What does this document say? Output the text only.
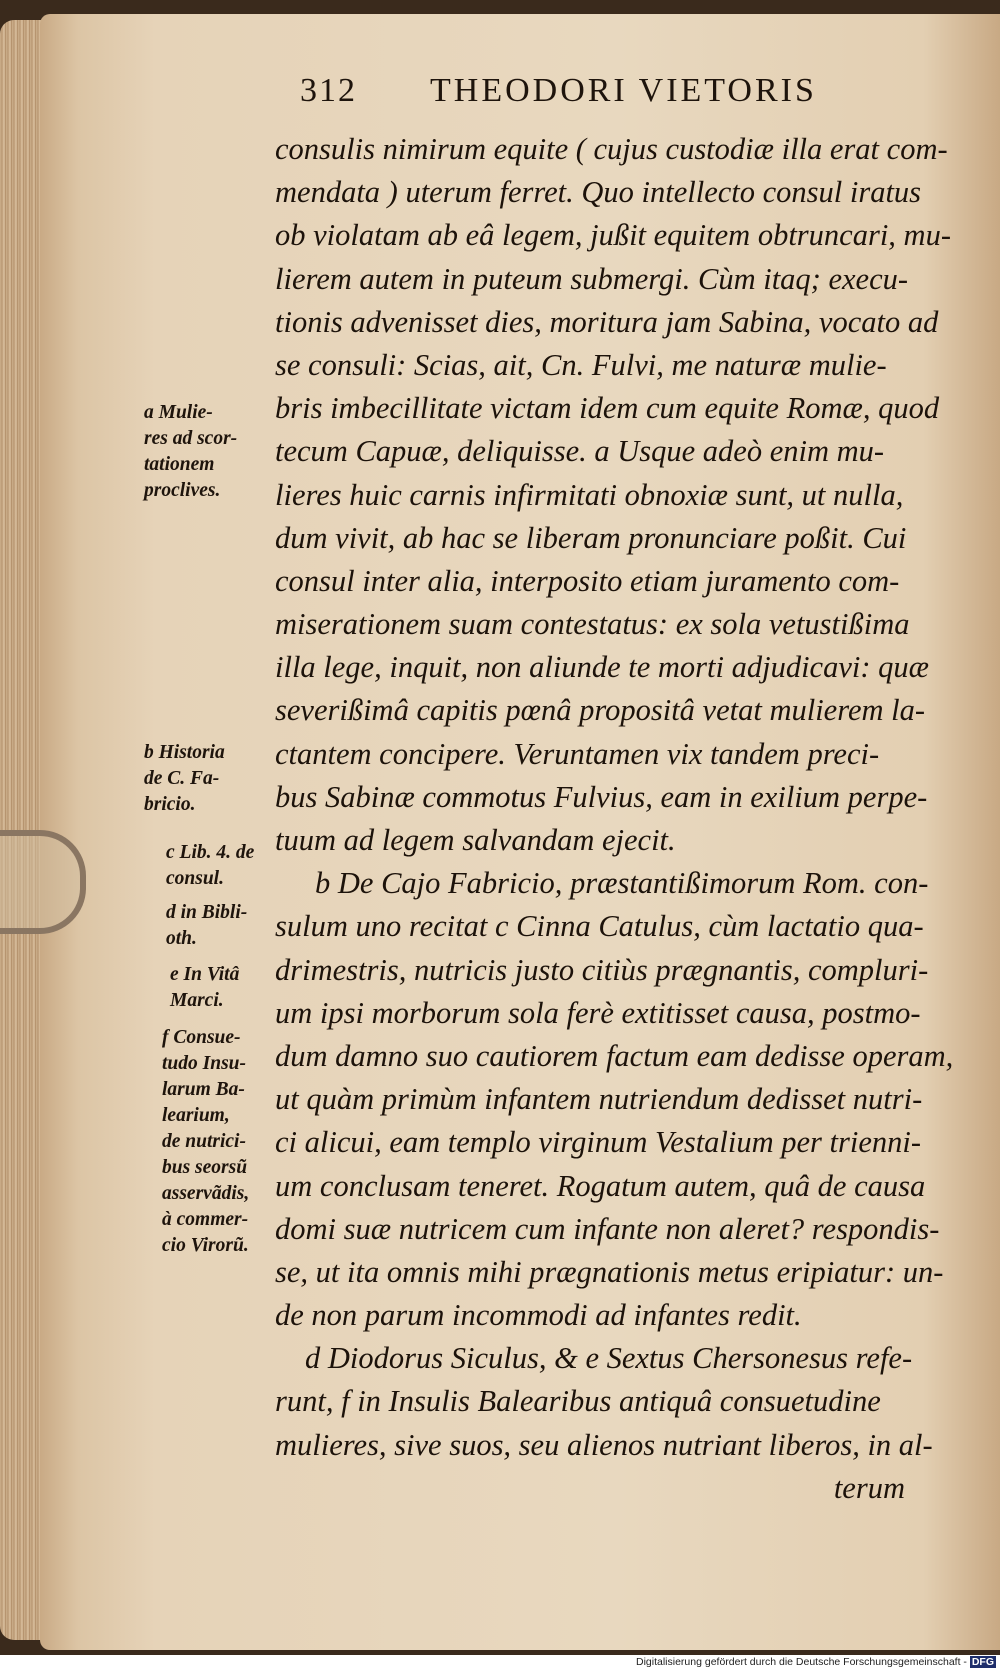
312 THEODORI VIETORIS
a Mulie-
res ad scor-
tationem
proclives.
b Historia
de C. Fa-
bricio.
c Lib. 4. de
consul.
d in Bibli-
oth.
e In Vitâ
Marci.
f Consue-
tudo Insu-
larum Ba-
learium,
de nutrici-
bus seorsũ
asservãdis,
à commer-
cio Virorũ.
consulis nimirum equite ( cujus custodiæ illa erat com-
mendata ) uterum ferret. Quo intellecto consul iratus
ob violatam ab eâ legem, jußit equitem obtruncari, mu-
lierem autem in puteum submergi. Cùm itaq; execu-
tionis advenisset dies, moritura jam Sabina, vocato ad
se consuli: Scias, ait, Cn. Fulvi, me naturæ mulie-
bris imbecillitate victam idem cum equite Romæ, quod
tecum Capuæ, deliquisse. a Usque adeò enim mu-
lieres huic carnis infirmitati obnoxiæ sunt, ut nulla,
dum vivit, ab hac se liberam pronunciare poßit. Cui
consul inter alia, interposito etiam juramento com-
miserationem suam contestatus: ex sola vetustißima
illa lege, inquit, non aliunde te morti adjudicavi: quæ
severißimâ capitis pœnâ propositâ vetat mulierem la-
ctantem concipere. Veruntamen vix tandem preci-
bus Sabinæ commotus Fulvius, eam in exilium perpe-
tuum ad legem salvandam ejecit.
b De Cajo Fabricio, præstantißimorum Rom. con-
sulum uno recitat c Cinna Catulus, cùm lactatio qua-
drimestris, nutricis justo citiùs prægnantis, compluri-
um ipsi morborum sola ferè extitisset causa, postmo-
dum damno suo cautiorem factum eam dedisse operam,
ut quàm primùm infantem nutriendum dedisset nutri-
ci alicui, eam templo virginum Vestalium per trienni-
um conclusam teneret. Rogatum autem, quâ de causa
domi suæ nutricem cum infante non aleret? respondis-
se, ut ita omnis mihi prægnationis metus eripiatur: un-
de non parum incommodi ad infantes redit.
d Diodorus Siculus, & e Sextus Chersonesus refe-
runt, f in Insulis Balearibus antiquâ consuetudine
mulieres, sive suos, seu alienos nutriant liberos, in al-
terum
Digitalisierung gefördert durch die Deutsche Forschungsgemeinschaft - DFG
